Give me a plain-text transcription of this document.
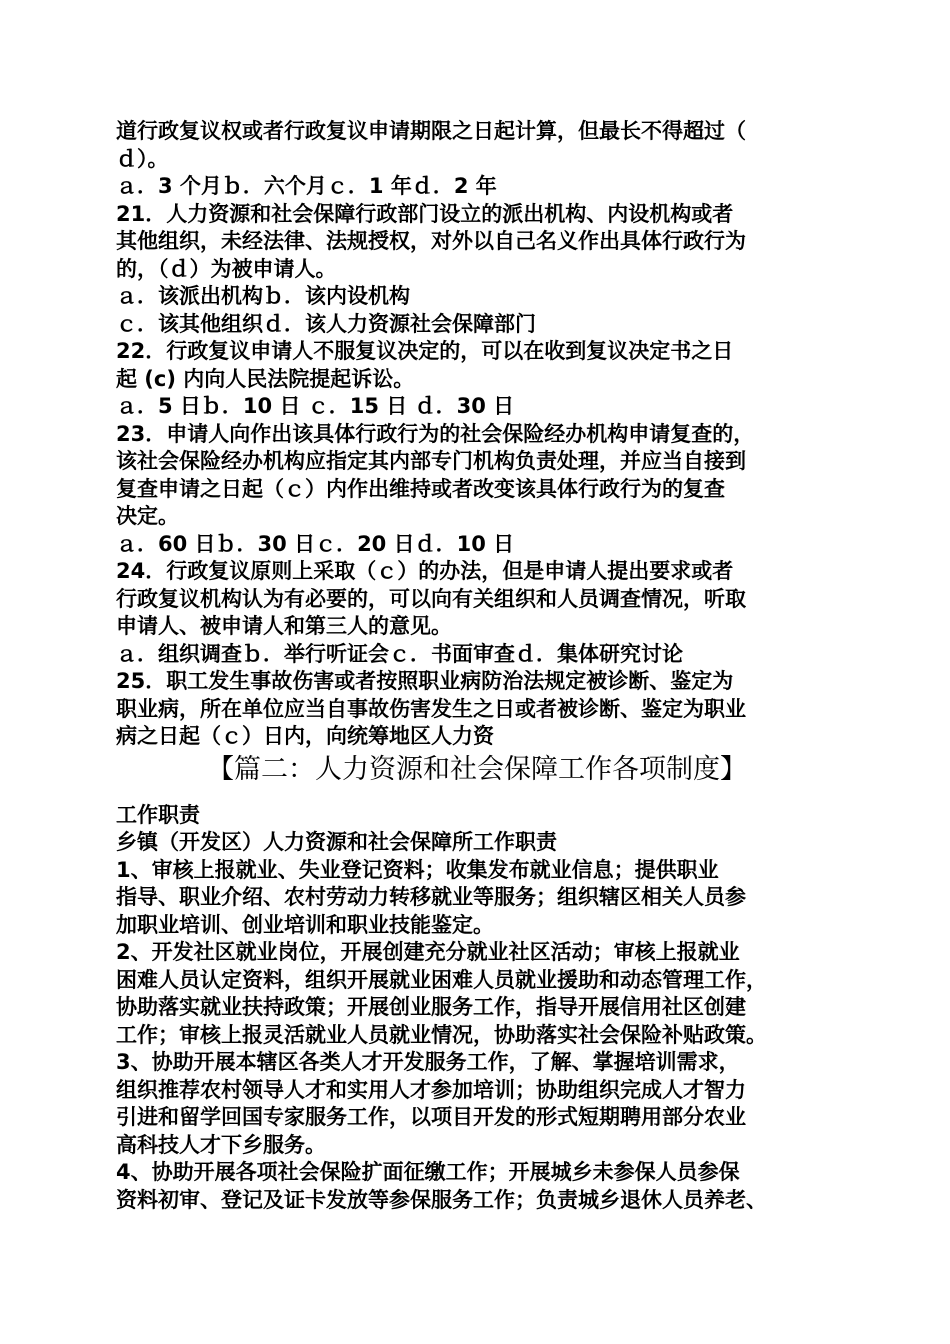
道行政复议权或者行政复议申请期限之日起计算，但最长不得超过（
ｄ）。
ａ．3 个月ｂ．六个月ｃ．1 年ｄ．2 年
21．人力资源和社会保障行政部门设立的派出机构、内设机构或者
其他组织，未经法律、法规授权，对外以自己名义作出具体行政行为
的，（ｄ）为被申请人。
ａ．该派出机构ｂ．该内设机构
ｃ．该其他组织ｄ．该人力资源社会保障部门
22．行政复议申请人不服复议决定的，可以在收到复议决定书之日
起 (c) 内向人民法院提起诉讼。
ａ．5 日ｂ．10 日 ｃ．15 日 ｄ．30 日
23．申请人向作出该具体行政行为的社会保险经办机构申请复查的，
该社会保险经办机构应指定其内部专门机构负责处理，并应当自接到
复查申请之日起（ｃ）内作出维持或者改变该具体行政行为的复查
决定。
ａ．60 日ｂ．30 日ｃ．20 日ｄ．10 日
24．行政复议原则上采取（ｃ）的办法，但是申请人提出要求或者
行政复议机构认为有必要的，可以向有关组织和人员调查情况，听取
申请人、被申请人和第三人的意见。
ａ．组织调查ｂ．举行听证会ｃ．书面审查ｄ．集体研究讨论
25．职工发生事故伤害或者按照职业病防治法规定被诊断、鉴定为
职业病，所在单位应当自事故伤害发生之日或者被诊断、鉴定为职业
病之日起（ｃ）日内，向统筹地区人力资
【篇二：人力资源和社会保障工作各项制度】
工作职责
乡镇（开发区）人力资源和社会保障所工作职责
1、审核上报就业、失业登记资料；收集发布就业信息；提供职业
指导、职业介绍、农村劳动力转移就业等服务；组织辖区相关人员参
加职业培训、创业培训和职业技能鉴定。
2、开发社区就业岗位，开展创建充分就业社区活动；审核上报就业
困难人员认定资料，组织开展就业困难人员就业援助和动态管理工作，
协助落实就业扶持政策；开展创业服务工作，指导开展信用社区创建
工作；审核上报灵活就业人员就业情况，协助落实社会保险补贴政策。
3、协助开展本辖区各类人才开发服务工作，了解、掌握培训需求，
组织推荐农村领导人才和实用人才参加培训；协助组织完成人才智力
引进和留学回国专家服务工作，以项目开发的形式短期聘用部分农业
高科技人才下乡服务。
4、协助开展各项社会保险扩面征缴工作；开展城乡未参保人员参保
资料初审、登记及证卡发放等参保服务工作；负责城乡退休人员养老、
